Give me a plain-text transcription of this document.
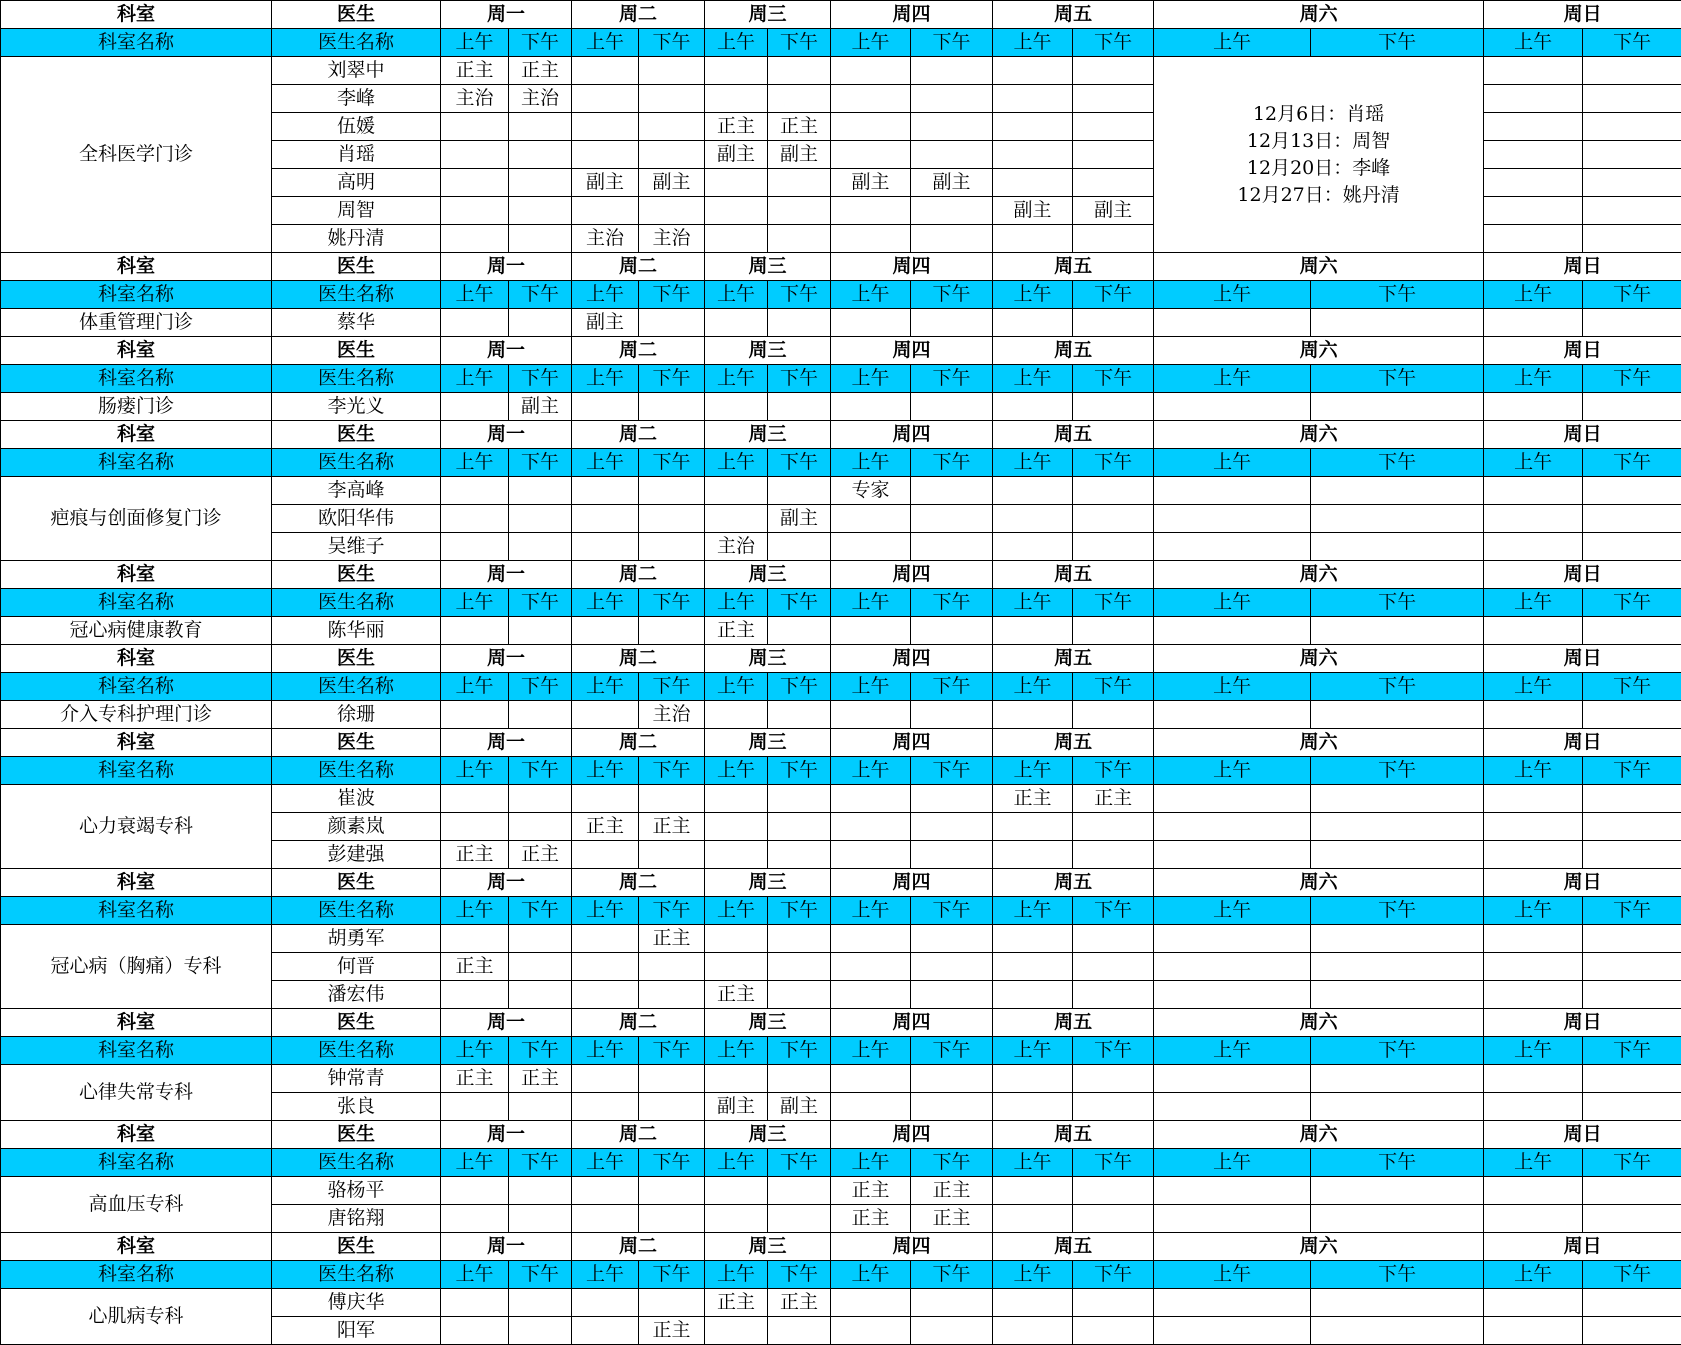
科室	医生	周一		周二		周三		周四		周五		周六		周日	
科室名称	医生名称	上午	下午	上午	下午	上午	下午	上午	下午	上午	下午	上午	下午	上午	下午
全科医学门诊	刘翠中	正主	正主									12月6日：肖瑶
12月13日：周智
12月20日：李峰
12月27日：姚丹清			

	李峰	主治	主治												
	伍媛					正主	正主								
	肖瑶					副主	副主								
	高明			副主	副主			副主	副主						
	周智									副主	副主				
	姚丹清			主治	主治										
科室	医生	周一		周二		周三		周四		周五		周六		周日	
科室名称	医生名称	上午	下午	上午	下午	上午	下午	上午	下午	上午	下午	上午	下午	上午	下午
体重管理门诊	蔡华			副主											
科室	医生	周一		周二		周三		周四		周五		周六		周日	
科室名称	医生名称	上午	下午	上午	下午	上午	下午	上午	下午	上午	下午	上午	下午	上午	下午
肠瘘门诊	李光义		副主												
科室	医生	周一		周二		周三		周四		周五		周六		周日	
科室名称	医生名称	上午	下午	上午	下午	上午	下午	上午	下午	上午	下午	上午	下午	上午	下午
疤痕与创面修复门诊	李高峰							专家							
	欧阳华伟						副主								
	吴维子					主治									
科室	医生	周一		周二		周三		周四		周五		周六		周日	
科室名称	医生名称	上午	下午	上午	下午	上午	下午	上午	下午	上午	下午	上午	下午	上午	下午
冠心病健康教育	陈华丽					正主									
科室	医生	周一		周二		周三		周四		周五		周六		周日	
科室名称	医生名称	上午	下午	上午	下午	上午	下午	上午	下午	上午	下午	上午	下午	上午	下午
介入专科护理门诊	徐珊				主治										
科室	医生	周一		周二		周三		周四		周五		周六		周日	
科室名称	医生名称	上午	下午	上午	下午	上午	下午	上午	下午	上午	下午	上午	下午	上午	下午
心力衰竭专科	崔波									正主	正主				
	颜素岚			正主	正主										
	彭建强	正主	正主												
科室	医生	周一		周二		周三		周四		周五		周六		周日	
科室名称	医生名称	上午	下午	上午	下午	上午	下午	上午	下午	上午	下午	上午	下午	上午	下午
冠心病（胸痛）专科	胡勇军				正主										
	何晋	正主													
	潘宏伟					正主									
科室	医生	周一		周二		周三		周四		周五		周六		周日	
科室名称	医生名称	上午	下午	上午	下午	上午	下午	上午	下午	上午	下午	上午	下午	上午	下午
心律失常专科	钟常青	正主	正主												
	张良					副主	副主								
科室	医生	周一		周二		周三		周四		周五		周六		周日	
科室名称	医生名称	上午	下午	上午	下午	上午	下午	上午	下午	上午	下午	上午	下午	上午	下午
高血压专科	骆杨平							正主	正主						
	唐铭翔							正主	正主						
科室	医生	周一		周二		周三		周四		周五		周六		周日	
科室名称	医生名称	上午	下午	上午	下午	上午	下午	上午	下午	上午	下午	上午	下午	上午	下午
心肌病专科	傅庆华					正主	正主								
	阳军				正主										
